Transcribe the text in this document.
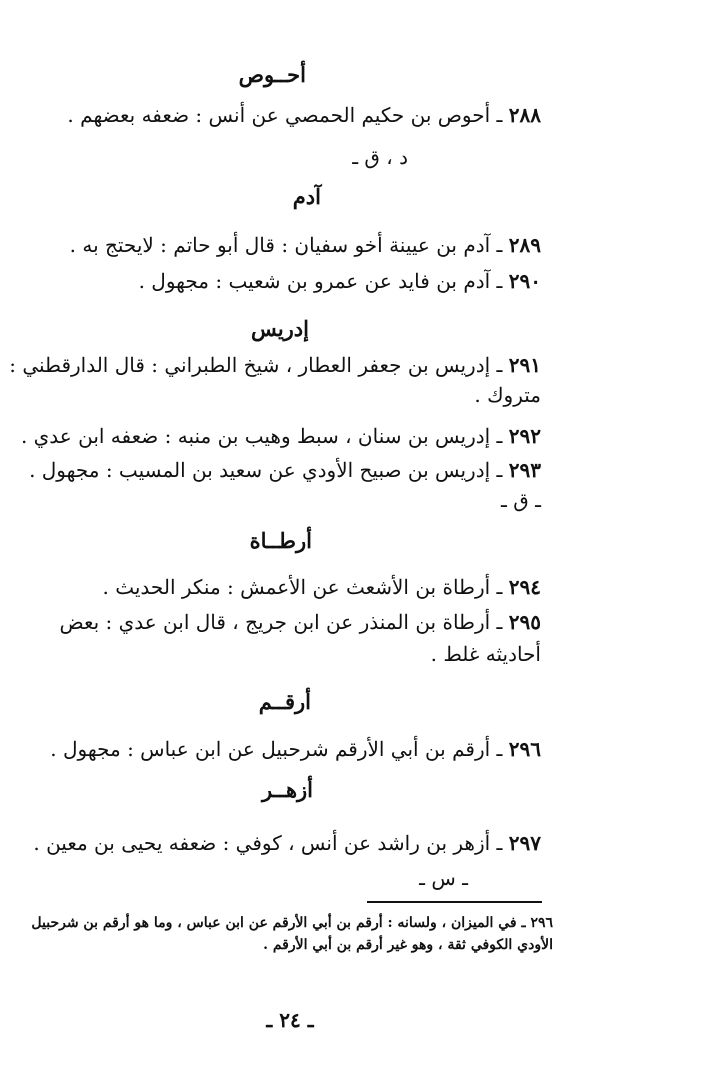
أحــوص
٢٨٨ ـ أحوص بن حكيم الحمصي عن أنس : ضعفه بعضهم .
د ، ق ـ
آدم
٢٨٩ ـ آدم بن عيينة أخو سفيان : قال أبو حاتم : لايحتج به .
٢٩٠ ـ آدم بن فايد عن عمرو بن شعيب : مجهول .
إدريس
٢٩١ ـ إدريس بن جعفر العطار ، شيخ الطبراني : قال الدارقطني :
متروك .
٢٩٢ ـ إدريس بن سنان ، سبط وهيب بن منبه : ضعفه ابن عدي .
٢٩٣ ـ إدريس بن صبيح الأودي عن سعيد بن المسيب : مجهول .
ـ ق ـ
أرطــاة
٢٩٤ ـ أرطاة بن الأشعث عن الأعمش : منكر الحديث .
٢٩٥ ـ أرطاة بن المنذر عن ابن جريج ، قال ابن عدي : بعض
أحاديثه غلط .
أرقــم
٢٩٦ ـ أرقم بن أبي الأرقم شرحبيل عن ابن عباس : مجهول .
أزهــر
٢٩٧ ـ أزهر بن راشد عن أنس ، كوفي : ضعفه يحيى بن معين .
ـ س ـ
٢٩٦ ـ في الميزان ، ولسانه : أرقم بن أبي الأرقم عن ابن عباس ، وما هو أرقم بن شرحبيل الأودي الكوفي ثقة ، وهو غير أرقم بن أبي الأرقم .
ـ ٢٤ ـ
